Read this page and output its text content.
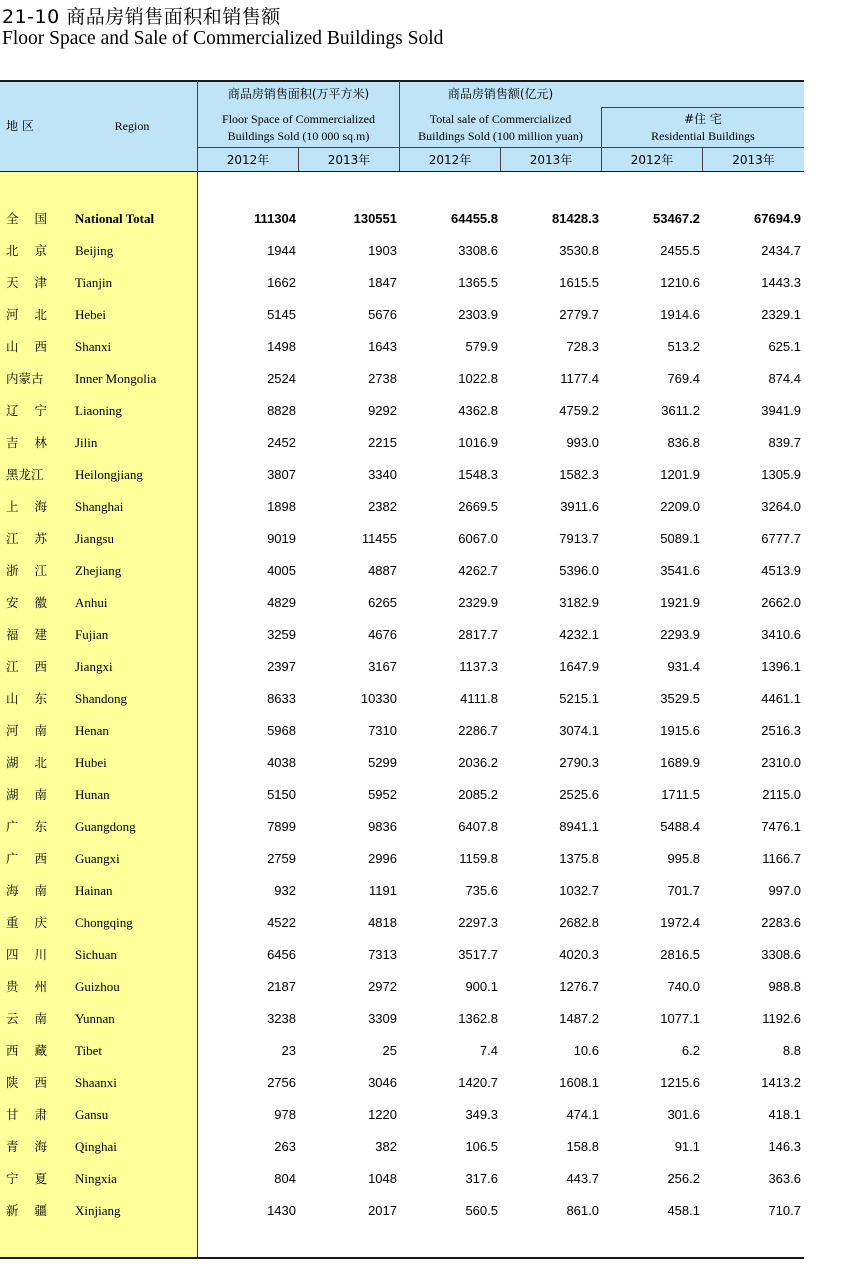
21-10 商品房销售面积和销售额
Floor Space and Sale of Commercialized Buildings Sold
地 区	Region
商品房销售面积(万平方米)
Floor Space of Commercialized
Buildings Sold (10 000 sq.m)
商品房销售额(亿元)
Total sale of Commercialized
Buildings Sold (100 million yuan)
#住 宅
Residential Buildings
2012年	2013年	2012年	2013年	2012年	2013年
全 国 National Total	111304	130551	64455.8	81428.3	53467.2	67694.9
北 京 Beijing	1944	1903	3308.6	3530.8	2455.5	2434.7
天 津 Tianjin	1662	1847	1365.5	1615.5	1210.6	1443.3
河 北 Hebei	5145	5676	2303.9	2779.7	1914.6	2329.1
山 西 Shanxi	1498	1643	579.9	728.3	513.2	625.1
内蒙古	Inner Mongolia	2524	2738	1022.8	1177.4	769.4	874.4
辽 宁 Liaoning	8828	9292	4362.8	4759.2	3611.2	3941.9
吉 林 Jilin	2452	2215	1016.9	993.0	836.8	839.7
黑龙江	Heilongjiang	3807	3340	1548.3	1582.3	1201.9	1305.9
上 海 Shanghai	1898	2382	2669.5	3911.6	2209.0	3264.0
江 苏 Jiangsu	9019	11455	6067.0	7913.7	5089.1	6777.7
浙 江 Zhejiang	4005	4887	4262.7	5396.0	3541.6	4513.9
安 徽 Anhui	4829	6265	2329.9	3182.9	1921.9	2662.0
福 建 Fujian	3259	4676	2817.7	4232.1	2293.9	3410.6
江 西 Jiangxi	2397	3167	1137.3	1647.9	931.4	1396.1
山 东 Shandong	8633	10330	4111.8	5215.1	3529.5	4461.1
河 南 Henan	5968	7310	2286.7	3074.1	1915.6	2516.3
湖 北 Hubei	4038	5299	2036.2	2790.3	1689.9	2310.0
湖 南 Hunan	5150	5952	2085.2	2525.6	1711.5	2115.0
广 东 Guangdong	7899	9836	6407.8	8941.1	5488.4	7476.1
广 西 Guangxi	2759	2996	1159.8	1375.8	995.8	1166.7
海 南 Hainan	932	1191	735.6	1032.7	701.7	997.0
重 庆 Chongqing	4522	4818	2297.3	2682.8	1972.4	2283.6
四 川 Sichuan	6456	7313	3517.7	4020.3	2816.5	3308.6
贵 州 Guizhou	2187	2972	900.1	1276.7	740.0	988.8
云 南 Yunnan	3238	3309	1362.8	1487.2	1077.1	1192.6
西 藏 Tibet	23	25	7.4	10.6	6.2	8.8
陕 西 Shaanxi	2756	3046	1420.7	1608.1	1215.6	1413.2
甘 肃 Gansu	978	1220	349.3	474.1	301.6	418.1
青 海 Qinghai	263	382	106.5	158.8	91.1	146.3
宁 夏 Ningxia	804	1048	317.6	443.7	256.2	363.6
新 疆 Xinjiang	1430	2017	560.5	861.0	458.1	710.7
